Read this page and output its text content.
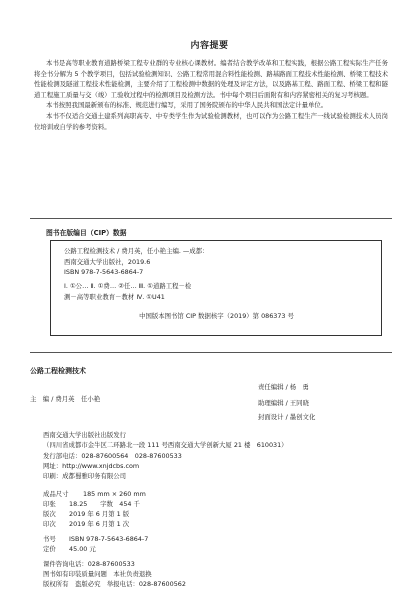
内容提要

本书是高等职业教育道路桥梁工程专业群的专业核心课教材。编者结合教学改革和工程实践，根据公路工程实际生产任务将全书分解为 5 个教学项目，包括试验检测知识、公路工程常用混合料性能检测、路基路面工程技术性能检测、桥梁工程技术性能检测及隧道工程技术性能检测，主要介绍了工程检测中数据的处理及评定方法，以及路基工程、路面工程、桥梁工程和隧道工程施工质量与交（竣）工验收过程中的检测项目及检测方法。书中每个项目后面附有和内容紧密相关的复习考核题。

本书按照我国最新颁布的标准、规范进行编写，采用了国务院颁布的中华人民共和国法定计量单位。

本书不仅适合交通土建系列高职高专、中专类学生作为试验检测教材，也可以作为公路工程生产一线试验检测技术人员岗位培训或自学的参考资料。

图书在版编目（CIP）数据
公路工程检测技术 / 费月英，任小艳主编. —成都：
西南交通大学出版社，2019.6
ISBN 978-7-5643-6864-7
Ⅰ. ①公… Ⅱ. ①费… ②任… Ⅲ. ①道路工程－检
测－高等职业教育－教材 Ⅳ. ①U41
中国版本图书馆 CIP 数据核字（2019）第 086373 号
公路工程检测技术
责任编辑 / 杨　勇
主　编 / 费月英　任小艳	助理编辑 / 王同晓
封面设计 / 墨创文化
西南交通大学出版社出版发行
（四川省成都市金牛区二环路北一段 111 号西南交通大学创新大厦 21 楼　610031）
发行部电话：028-87600564　028-87600533
网址：http://www.xnjdcbs.com
印刷：成都蜀雅印务有限公司
成品尺寸 185 mm × 260 mm
印张 18.25　　字数　454 千
版次 2019 年 6 月第 1 版
印次 2019 年 6 月第 1 次
书号 ISBN 978-7-5643-6864-7
定价 45.00 元
课件咨询电话：028-87600533
图书如有印装质量问题　本社负责退换
版权所有　盗版必究　举报电话：028-87600562
